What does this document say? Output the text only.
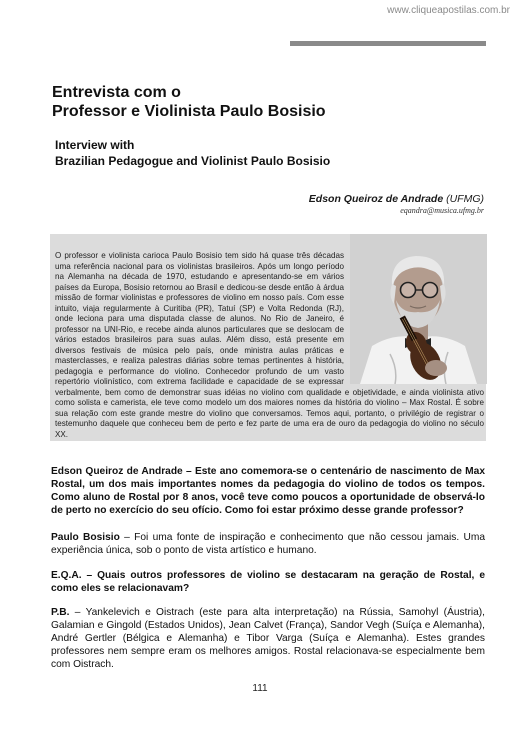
www.cliqueapostilas.com.br
Entrevista com o
Professor e Violinista Paulo Bosisio
Interview with
Brazilian Pedagogue and Violinist Paulo Bosisio
Edson Queiroz de Andrade (UFMG)
eqandra@musica.ufmg.br
O professor e violinista carioca Paulo Bosisio tem sido há quase três décadas uma referência nacional para os violinistas brasileiros. Após um longo período na Alemanha na década de 1970, estudando e apresentando-se em vários países da Europa, Bosisio retornou ao Brasil e dedicou-se desde então à árdua missão de formar violinistas e professores de violino em nosso país. Com esse intuito, viaja regularmente à Curitiba (PR), Tatuí (SP) e Volta Redonda (RJ), onde leciona para uma disputada classe de alunos. No Rio de Janeiro, é professor na UNI-Rio, e recebe ainda alunos particulares que se deslocam de vários estados brasileiros para suas aulas. Além disso, está presente em diversos festivais de música pelo país, onde ministra aulas práticas e masterclasses, e realiza palestras diárias sobre temas pertinentes à história, pedagogia e performance do violino. Conhecedor profundo de um vasto repertório violinístico, com extrema facilidade e capacidade de se expressar verbalmente, bem como de demonstrar suas idéias no violino com qualidade e objetividade, e ainda violinista ativo como solista e camerista, ele teve como modelo um dos maiores nomes da história do violino – Max Rostal. É sobre sua relação com este grande mestre do violino que conversamos. Temos aqui, portanto, o privilégio de registrar o testemunho daquele que conheceu bem de perto e fez parte de uma era de ouro da pedagogia do violino no século XX.
Edson Queiroz de Andrade – Este ano comemora-se o centenário de nascimento de Max Rostal, um dos mais importantes nomes da pedagogia do violino de todos os tempos. Como aluno de Rostal por 8 anos, você teve como poucos a oportunidade de observá-lo de perto no exercício do seu ofício. Como foi estar próximo desse grande professor?
Paulo Bosisio – Foi uma fonte de inspiração e conhecimento que não cessou jamais. Uma experiência única, sob o ponto de vista artístico e humano.
E.Q.A. – Quais outros professores de violino se destacaram na geração de Rostal, e como eles se relacionavam?
P.B. – Yankelevich e Oistrach (este para alta interpretação) na Rússia, Samohyl (Áustria), Galamian e Gingold (Estados Unidos), Jean Calvet (França), Sandor Vegh (Suíça e Alemanha), André Gertler (Bélgica e Alemanha) e Tibor Varga (Suíça e Alemanha). Estes grandes professores nem sempre eram os melhores amigos. Rostal relacionava-se especialmente bem com Oistrach.
111
